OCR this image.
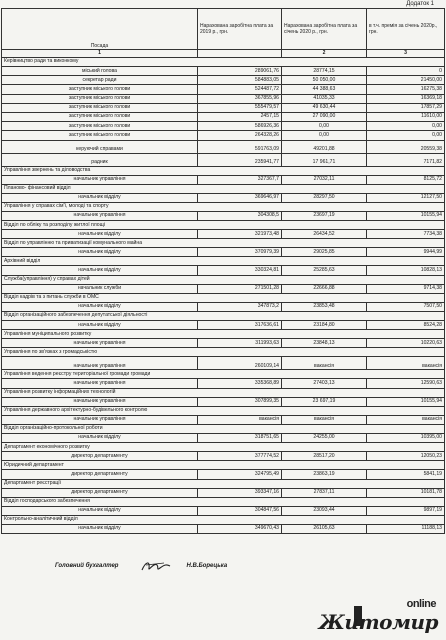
Додаток 1
Посада	Нарахована заробітна плата за 2019 р., грн.	Нарахована заробітна плата за січень 2020 р., грн.	в т.ч. премія за січень 2020р., грн.
1		2	3
Керівництво ради та виконкому			
міський голова	289061,76	28774,15	0
секретар ради	584883,05	50 050,00	21450,00
заступник міського голови	524487,72	44 388,63	16275,38
заступник міського голови	367855,96	41035,33	16369,18
заступник міського голови	555479,57	49 630,44	17857,29
заступник міського голови	2457,15	27 090,00	11610,00
заступник міського голови	586926,36	0,00	0,00
заступник міського голови	264328,26	0,00	0,00
керуючий справами	591763,09	49201,88	20559,38
радник	235941,77	17 961,71	7171,82
Управління звернень та діловодства			
начальник управління	327367,7	27032,11	8125,72
Планово- фінансовий відділ			
начальник відділу	369646,97	28297,50	12127,50
Управління у справах сім'ї, молоді та спорту			
начальник управління	304308,5	23697,19	10155,94
Відділ по обліку та розподілу житлої площі			
начальник відділу	321973,48	26434,52	7734,38
Відділ по управлінню та приватизації комунального майна			
начальник відділу	370979,39	29025,85	9944,99
Архівний відділ			
начальник відділу	330324,81	25285,63	10828,13
Служба(управління) у справах дітей			
начальник служби	271501,28	22666,88	9714,38
Відділ кадрів та з питань служби в ОМС			
начальник відділу	347873,2	23853,48	7507,50
Відділ організаційного забезпечення депутатської діяльності			
начальник відділу	317636,61	23184,80	8524,28
Управління муніципального розвитку			
начальник управління	311993,63	23848,13	10220,63
Управління по зв'язках з громадськістю			
начальник управління	260109,14	вакансія	вакансія
Управління ведення реєстру територіальної громади громади			
начальник управління	335368,89	27403,13	12590,63
Управління розвитку інформаційних технологій			
начальник управління	307899,35	23 697,19	10155,94
Управління державного архітектурно-будівельного контролю			
начальник управління	вакансія	вакансія	вакансія
Відділ організаційно-протокольної роботи			
начальник відділу	318751,65	24255,00	10395,00
Департамент економічного розвитку			
директор департаменту	377774,52	28517,20	12050,23
Юридичний департамент			
директор департаменту	324795,49	23863,19	5841,19
Департамент реєстрації			
директор департаменту	393347,16	27837,11	10181,78
Відділ господарського забезпечення			
начальник відділу	304847,56	23093,44	9897,19
Контрольно-аналітичний відділ			
начальник відділу	349670,43	26105,63	11188,13
Головний бухгалтер	Н.В.Борецька
online
Житомир
